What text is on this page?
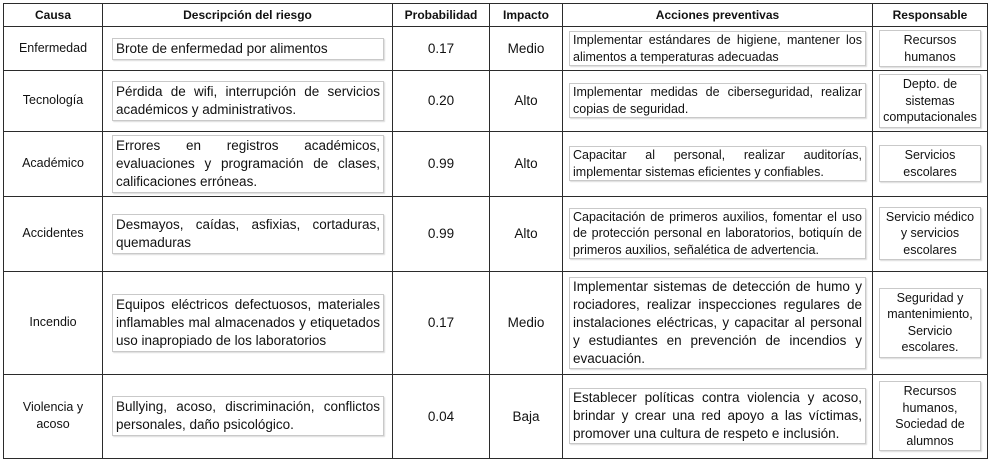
Causa	Descripción del riesgo	Probabilidad	Impacto	Acciones preventivas	Responsable
Enfermedad	Brote de enfermedad por alimentos	0.17	Medio	Implementar estándares de higiene, mantener los alimentos a temperaturas adecuadas	Recursos humanos

Tecnología	Pérdida de wifi, interrupción de servicios académicos y administrativos.	0.20	Alto	Implementar medidas de ciberseguridad, realizar copias de seguridad.	Depto. de sistemas computacionales

Académico	Errores en registros académicos, evaluaciones y programación de clases, calificaciones erróneas.	0.99	Alto	Capacitar al personal, realizar auditorías, implementar sistemas eficientes y confiables.	Servicios escolares

Accidentes	Desmayos, caídas, asfixias, cortaduras, quemaduras	0.99	Alto	Capacitación de primeros auxilios, fomentar el uso de protección personal en laboratorios, botiquín de primeros auxilios, señalética de advertencia.	Servicio médico y servicios escolares

Incendio	Equipos eléctricos defectuosos, materiales inflamables mal almacenados y etiquetados uso inapropiado de los laboratorios	0.17	Medio	Implementar sistemas de detección de humo y rociadores, realizar inspecciones regulares de instalaciones eléctricas, y capacitar al personal y estudiantes en prevención de incendios y evacuación.	Seguridad y mantenimiento, Servicio escolares.

Violencia y acoso	Bullying, acoso, discriminación, conflictos personales, daño psicológico.	0.04	Baja	Establecer políticas contra violencia y acoso, brindar y crear una red apoyo a las víctimas, promover una cultura de respeto e inclusión.	Recursos humanos, Sociedad de alumnos
